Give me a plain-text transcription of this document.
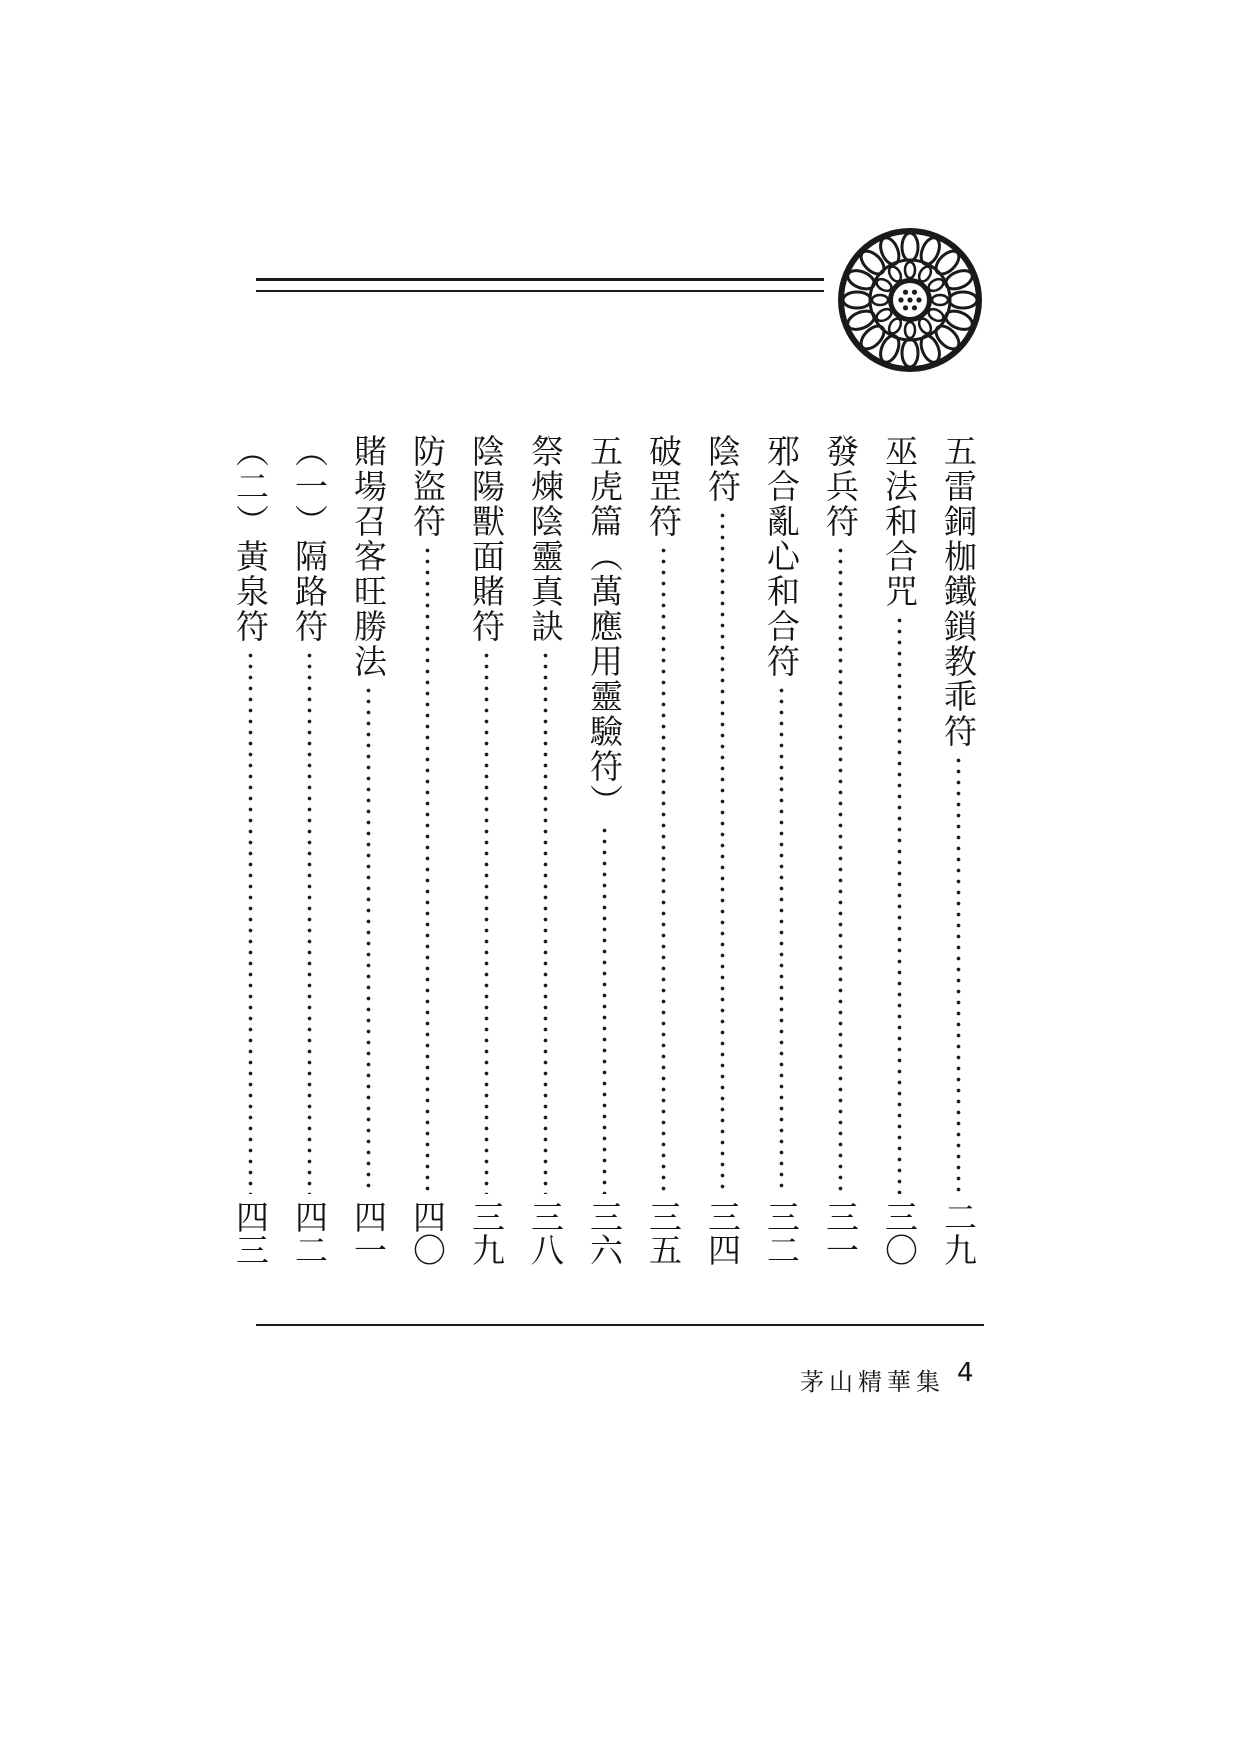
五雷銅枷鐵鎖教乖符
二九
巫法和合咒
三〇
發兵符
三一
邪合亂心和合符
三二
陰符
三四
破罡符
三五
五虎篇︵萬應用靈驗符︶
三六
祭煉陰靈真訣
三八
陰陽獸面賭符
三九
防盜符
四〇
賭場召客旺勝法
四一
︵一︶隔路符
四二
︵二︶黃泉符
四三
茅山精華集 4
